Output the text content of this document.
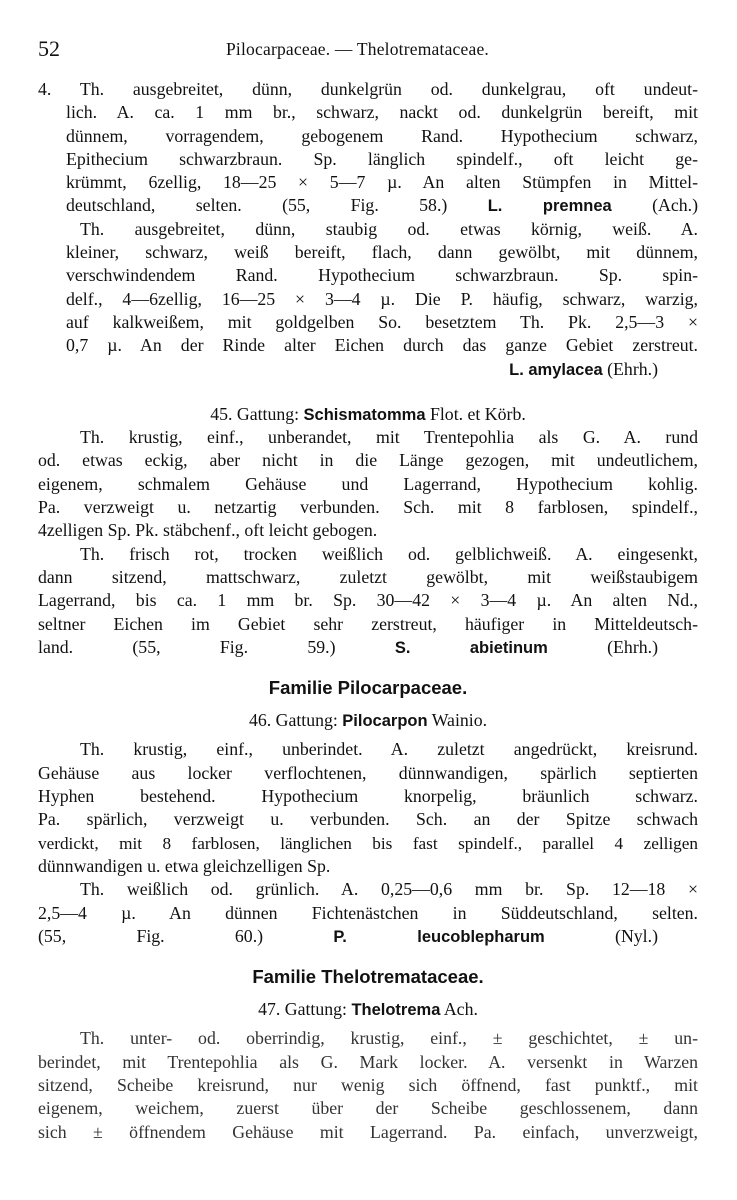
52	Pilocarpaceae. — Thelotremataceae.
4. Th. ausgebreitet, dünn, dunkelgrün od. dunkelgrau, oft undeut-
lich. A. ca. 1 mm br., schwarz, nackt od. dunkelgrün bereift, mit
dünnem, vorragendem, gebogenem Rand. Hypothecium schwarz,
Epithecium schwarzbraun. Sp. länglich spindelf., oft leicht ge-
krümmt, 6zellig, 18—25 × 5—7 µ. An alten Stümpfen in Mittel-
deutschland, selten. (55, Fig. 58.) L. premnea (Ach.)
Th. ausgebreitet, dünn, staubig od. etwas körnig, weiß. A.
kleiner, schwarz, weiß bereift, flach, dann gewölbt, mit dünnem,
verschwindendem Rand. Hypothecium schwarzbraun. Sp. spin-
delf., 4—6zellig, 16—25 × 3—4 µ. Die P. häufig, schwarz, warzig,
auf kalkweißem, mit goldgelben So. besetztem Th. Pk. 2,5—3 ×
0,7 µ. An der Rinde alter Eichen durch das ganze Gebiet zerstreut.
L. amylacea (Ehrh.)
45. Gattung: Schismatomma Flot. et Körb.
Th. krustig, einf., unberandet, mit Trentepohlia als G. A. rund
od. etwas eckig, aber nicht in die Länge gezogen, mit undeutlichem,
eigenem, schmalem Gehäuse und Lagerrand, Hypothecium kohlig.
Pa. verzweigt u. netzartig verbunden. Sch. mit 8 farblosen, spindelf.,
4zelligen Sp. Pk. stäbchenf., oft leicht gebogen.
Th. frisch rot, trocken weißlich od. gelblichweiß. A. eingesenkt,
dann sitzend, mattschwarz, zuletzt gewölbt, mit weißstaubigem
Lagerrand, bis ca. 1 mm br. Sp. 30—42 × 3—4 µ. An alten Nd.,
seltner Eichen im Gebiet sehr zerstreut, häufiger in Mitteldeutsch-
land. (55, Fig. 59.)	S. abietinum	(Ehrh.)
Familie Pilocarpaceae.
46. Gattung: Pilocarpon Wainio.
Th. krustig, einf., unberindet. A. zuletzt angedrückt, kreisrund.
Gehäuse aus locker verflochtenen, dünnwandigen, spärlich septierten
Hyphen bestehend. Hypothecium knorpelig, bräunlich schwarz.
Pa. spärlich, verzweigt u. verbunden. Sch. an der Spitze schwach
verdickt, mit 8 farblosen, länglichen bis fast spindelf., parallel 4 zelligen
dünnwandigen u. etwa gleichzelligen Sp.
Th. weißlich od. grünlich. A. 0,25—0,6 mm br. Sp. 12—18 ×
2,5—4 µ. An dünnen Fichtenästchen in Süddeutschland, selten.
(55, Fig. 60.)	P. leucoblepharum	(Nyl.)
Familie Thelotremataceae.
47. Gattung: Thelotrema Ach.
Th. unter- od. oberrindig, krustig, einf., ± geschichtet, ± un-
berindet, mit Trentepohlia als G. Mark locker. A. versenkt in Warzen
sitzend, Scheibe kreisrund, nur wenig sich öffnend, fast punktf., mit
eigenem, weichem, zuerst über der Scheibe geschlossenem, dann
sich ± öffnendem Gehäuse mit Lagerrand. Pa. einfach, unverzweigt,
